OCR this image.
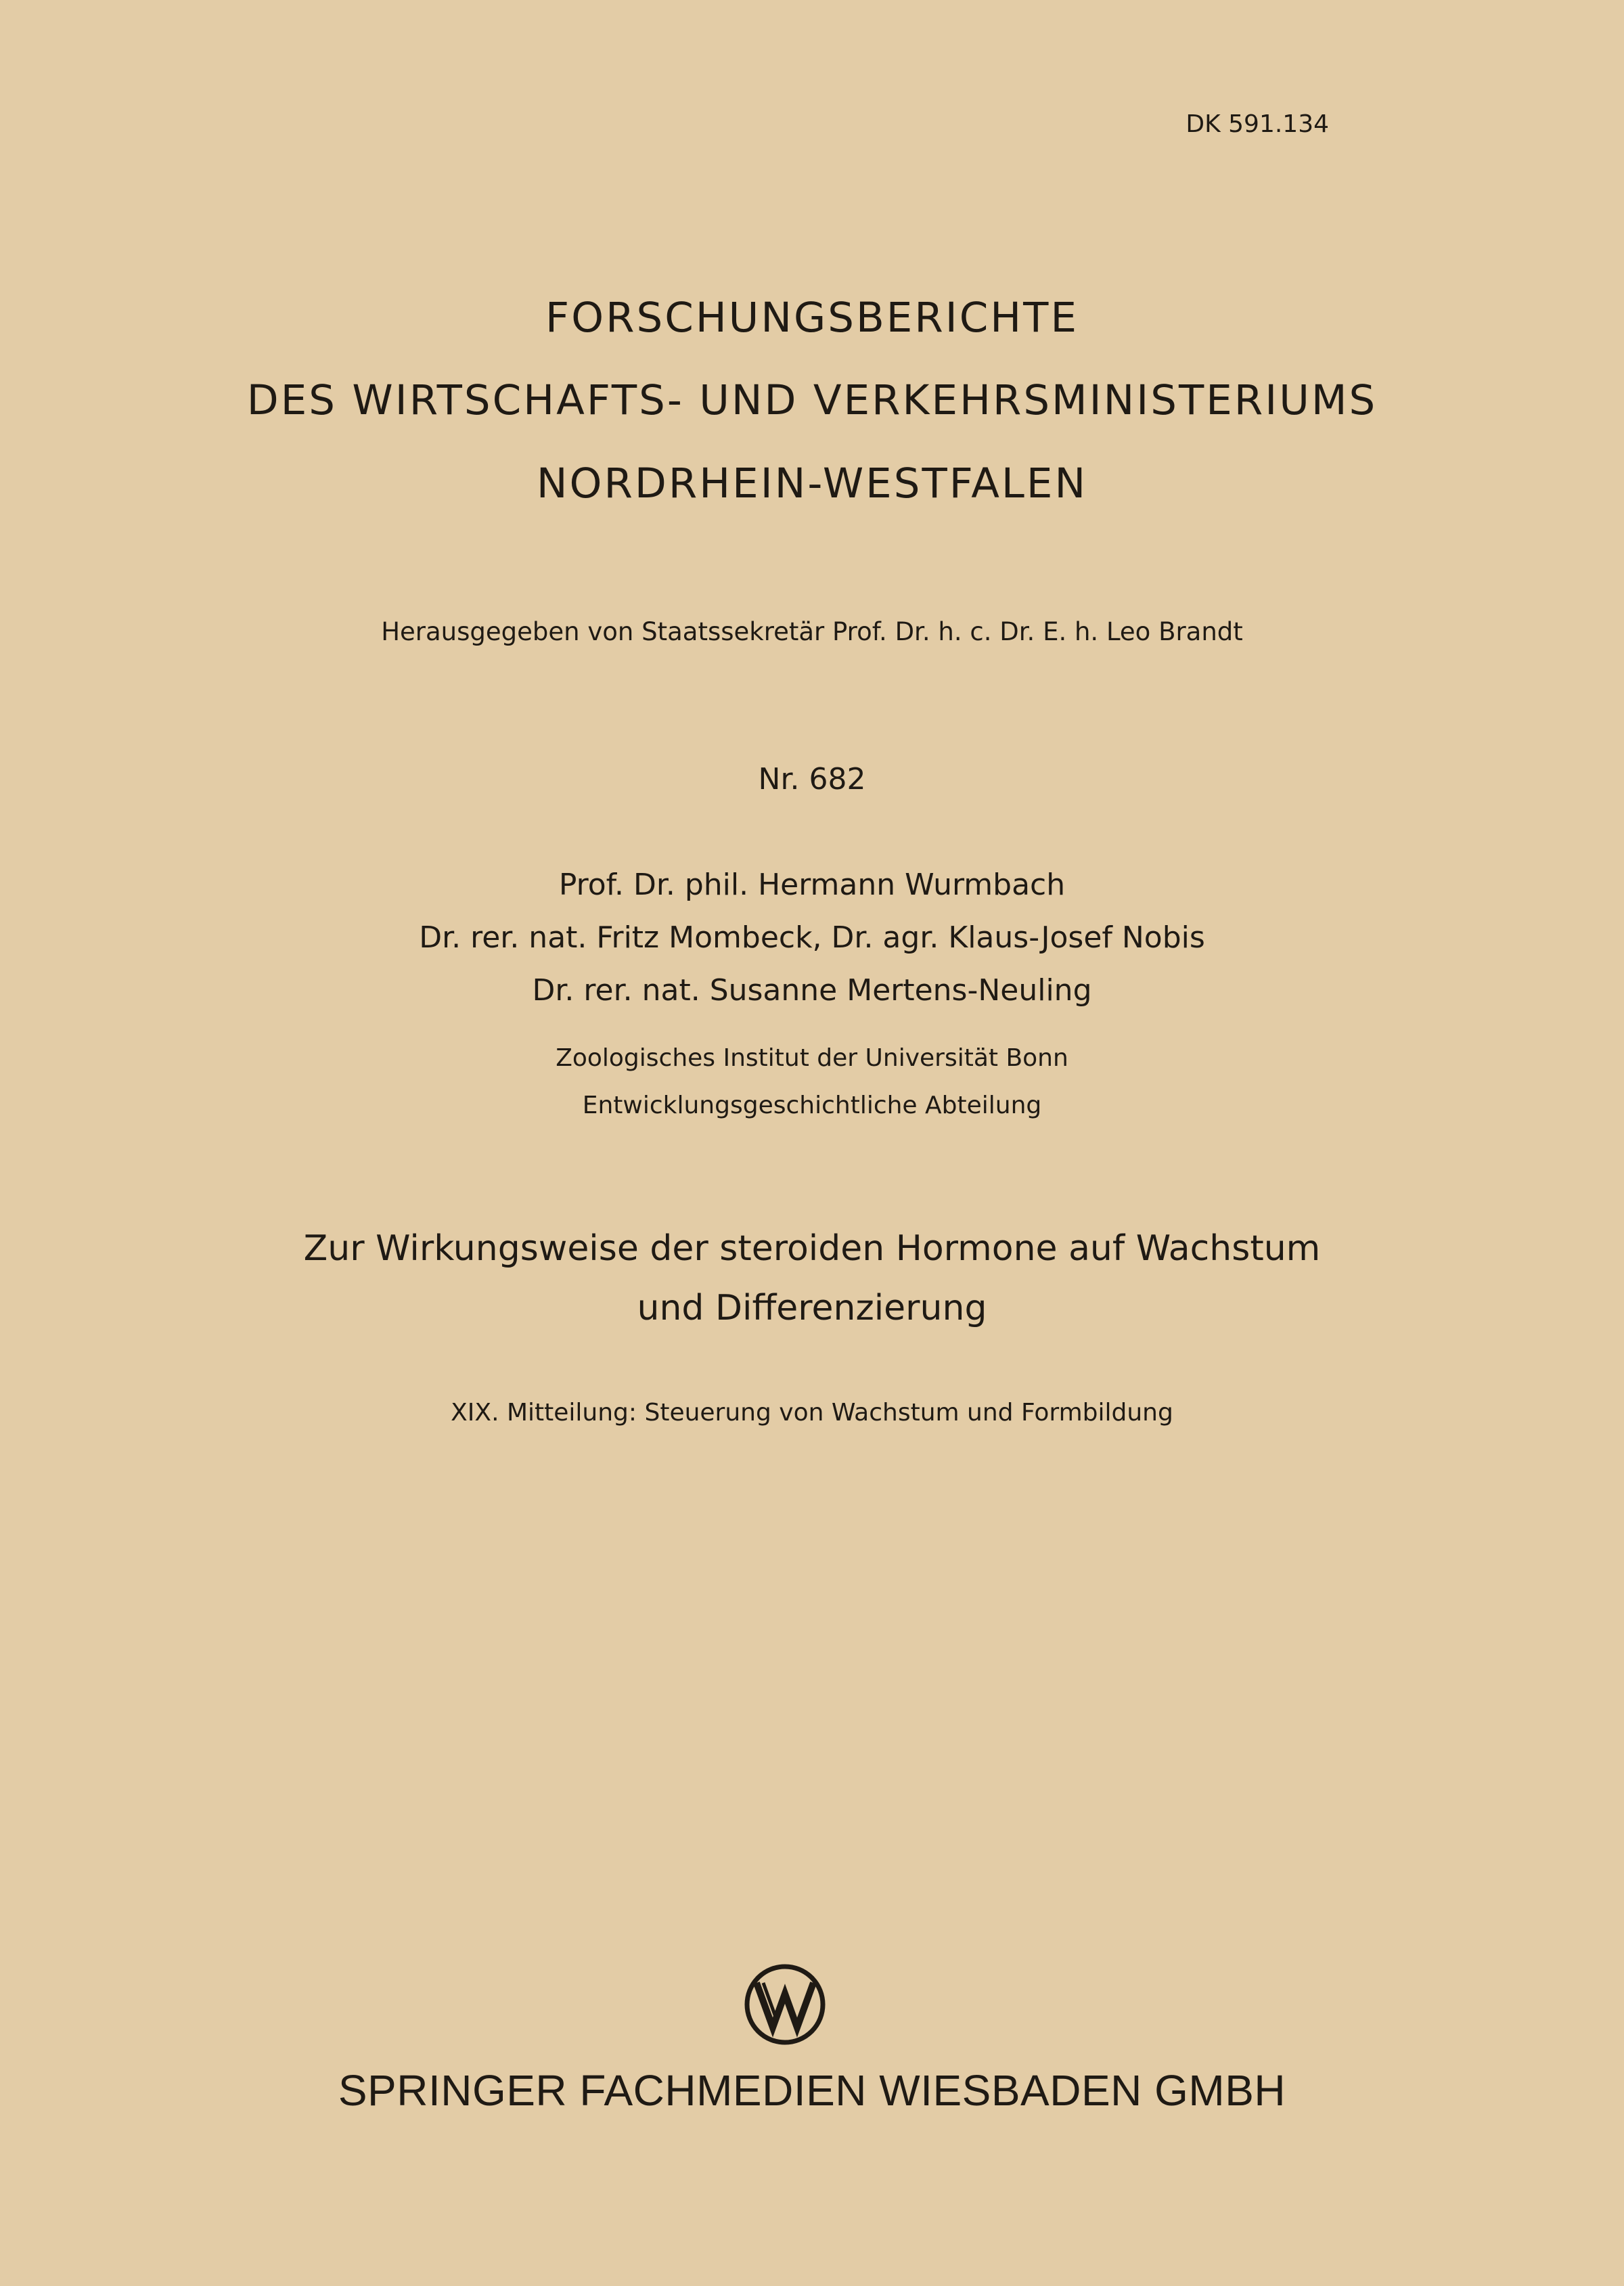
DK 591.134
FORSCHUNGSBERICHTE
DES WIRTSCHAFTS- UND VERKEHRSMINISTERIUMS
NORDRHEIN-WESTFALEN
Herausgegeben von Staatssekretär Prof. Dr. h. c. Dr. E. h. Leo Brandt
Nr. 682
Prof. Dr. phil. Hermann Wurmbach
Dr. rer. nat. Fritz Mombeck, Dr. agr. Klaus-Josef Nobis
Dr. rer. nat. Susanne Mertens-Neuling
Zoologisches Institut der Universität Bonn
Entwicklungsgeschichtliche Abteilung
Zur Wirkungsweise der steroiden Hormone auf Wachstum
und Differenzierung
XIX. Mitteilung: Steuerung von Wachstum und Formbildung
SPRINGER FACHMEDIEN WIESBADEN GMBH
